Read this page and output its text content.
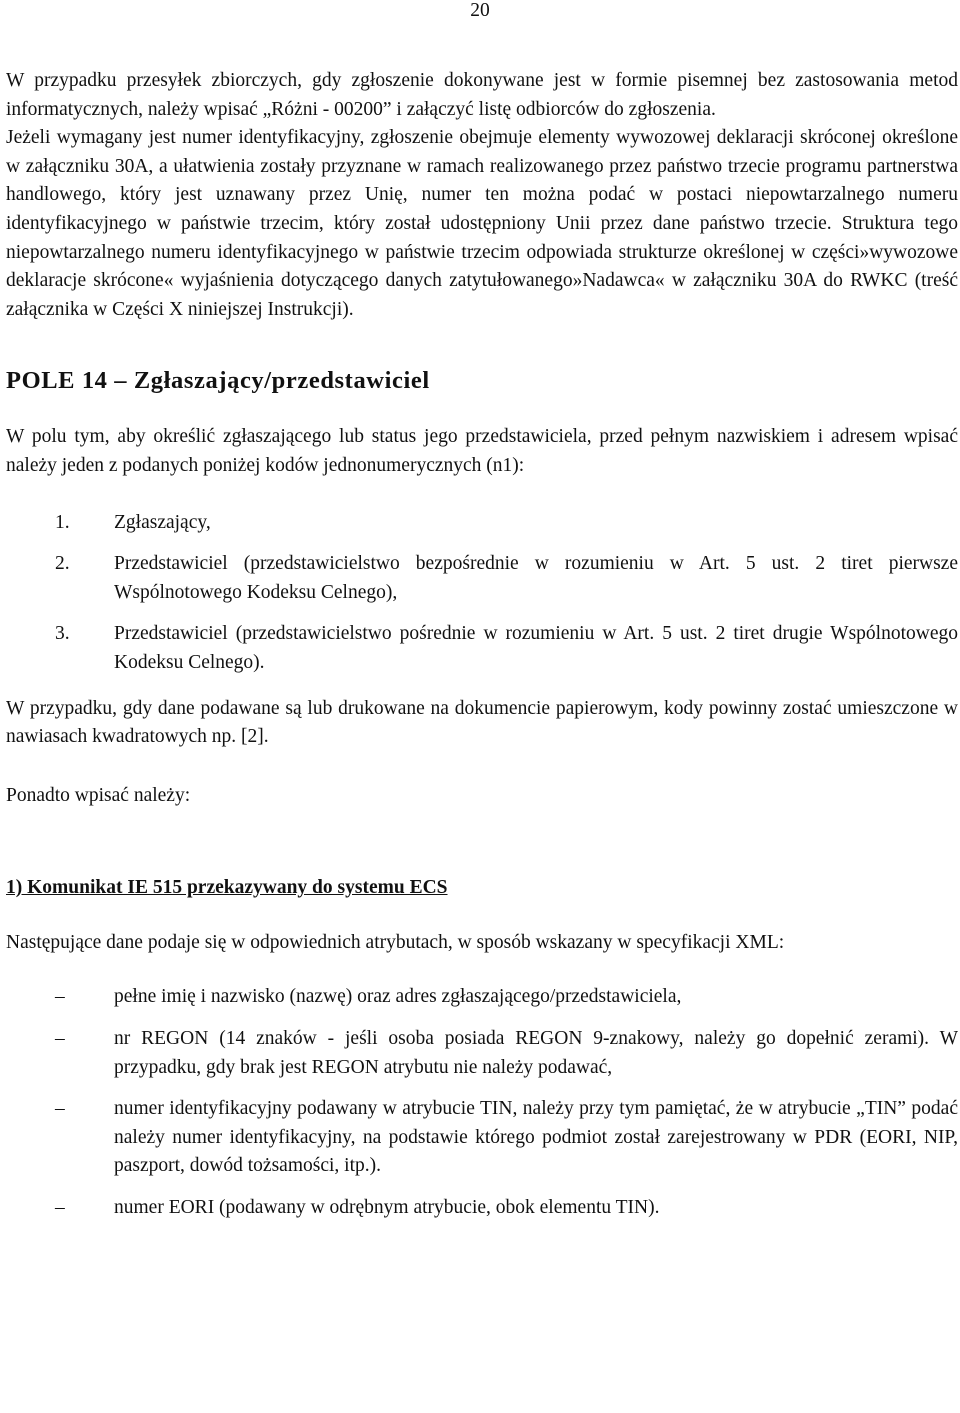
20

W przypadku przesyłek zbiorczych, gdy zgłoszenie dokonywane jest w formie pisemnej bez zastosowania metod informatycznych, należy wpisać „Różni - 00200” i załączyć listę odbiorców do zgłoszenia.

Jeżeli wymagany jest numer identyfikacyjny, zgłoszenie obejmuje elementy wywozowej deklaracji skróconej określone w załączniku 30A, a ułatwienia zostały przyznane w ramach realizowanego przez państwo trzecie programu partnerstwa handlowego, który jest uznawany przez Unię, numer ten można podać w postaci niepowtarzalnego numeru identyfikacyjnego w państwie trzecim, który został udostępniony Unii przez dane państwo trzecie. Struktura tego niepowtarzalnego numeru identyfikacyjnego w państwie trzecim odpowiada strukturze określonej w części»wywozowe deklaracje skrócone« wyjaśnienia dotyczącego danych zatytułowanego»Nadawca« w załączniku 30A do RWKC (treść załącznika w Części X niniejszej Instrukcji).

POLE 14 – Zgłaszający/przedstawiciel

W polu tym, aby określić zgłaszającego lub status jego przedstawiciela, przed pełnym nazwiskiem i adresem wpisać należy jeden z podanych poniżej kodów jednonumerycznych (n1):

1. Zgłaszający,
2. Przedstawiciel (przedstawicielstwo bezpośrednie w rozumieniu w Art. 5 ust. 2 tiret pierwsze Wspólnotowego Kodeksu Celnego),
3. Przedstawiciel (przedstawicielstwo pośrednie w rozumieniu w Art. 5 ust. 2 tiret drugie Wspólnotowego Kodeksu Celnego).

W przypadku, gdy dane podawane są lub drukowane na dokumencie papierowym, kody powinny zostać umieszczone w nawiasach kwadratowych np. [2].

Ponadto wpisać należy:

1) Komunikat IE 515 przekazywany do systemu ECS

Następujące dane podaje się w odpowiednich atrybutach, w sposób wskazany w specyfikacji XML:

–	pełne imię i nazwisko (nazwę) oraz adres zgłaszającego/przedstawiciela,
–	nr REGON (14 znaków - jeśli osoba posiada REGON 9-znakowy, należy go dopełnić zerami). W przypadku, gdy brak jest REGON atrybutu nie należy podawać,
–	numer identyfikacyjny podawany w atrybucie TIN, należy przy tym pamiętać, że w atrybucie „TIN” podać należy numer identyfikacyjny, na podstawie którego podmiot został zarejestrowany w PDR (EORI, NIP, paszport, dowód tożsamości, itp.).
–	numer EORI (podawany w odrębnym atrybucie, obok elementu TIN).
